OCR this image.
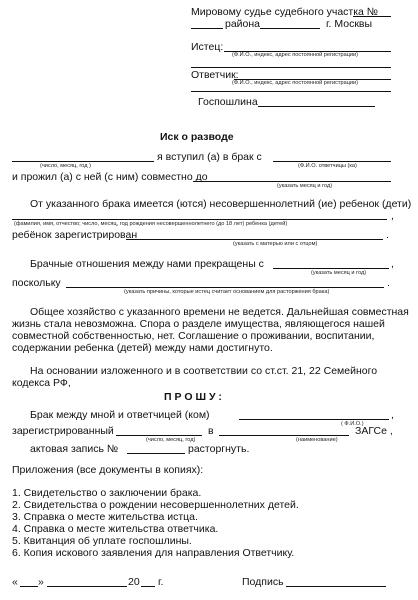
Мировому судье судебного участка №
района	г. Москвы
Истец:
(Ф.И.О., индекс, адрес постоянной регистрации)
Ответчик:
(Ф.И.О., индекс, адрес постоянной регистрации)
Госпошлина
Иск о разводе
я вступил (а) в брак с
(число, месяц, год )	(Ф.И.О. ответчицы (ка)
и прожил (а) с ней (с ним) совместно до
(указать месяц и год)
От указанного брака имеется (ются) несовершеннолетний (ие) ребенок (дети)
,
(фамилия, имя, отчество; число, месяц, год рождения несовершеннолетнего (до 18 лет) ребенка (детей)
ребёнок зарегистрирован	.
(указать с матерью или с отцом)
Брачные отношения между нами прекращены с	,
(указать месяц и год)
поскольку	.
(указать причины, которые истец считает основанием для расторжения брака)
Общее хозяйство с указанного времени не ведется. Дальнейшая совместная
жизнь стала невозможна. Спора о разделе имущества, являющегося нашей
совместной собственностью, нет. Соглашение о проживании, воспитании,
содержании ребенка (детей) между нами достигнуто.
На основании изложенного и в соответствии со ст.ст. 21, 22 Семейного
кодекса РФ,
П Р О Ш У :
Брак между мной и ответчицей (ком)	,
( Ф.И.О.)
зарегистрированный	в	ЗАГСе ,
(число, месяц, год)	(наименование)
актовая запись №	расторгнуть.
Приложения (все документы в копиях):
1. Свидетельство о заключении брака.
2. Свидетельства о рождении несовершеннолетних детей.
3. Справка о месте жительства истца.
4. Справка о месте жительства ответчика.
5. Квитанция об уплате госпошлины.
6. Копия искового заявления для направления Ответчику.
« »	20 г.	Подпись
